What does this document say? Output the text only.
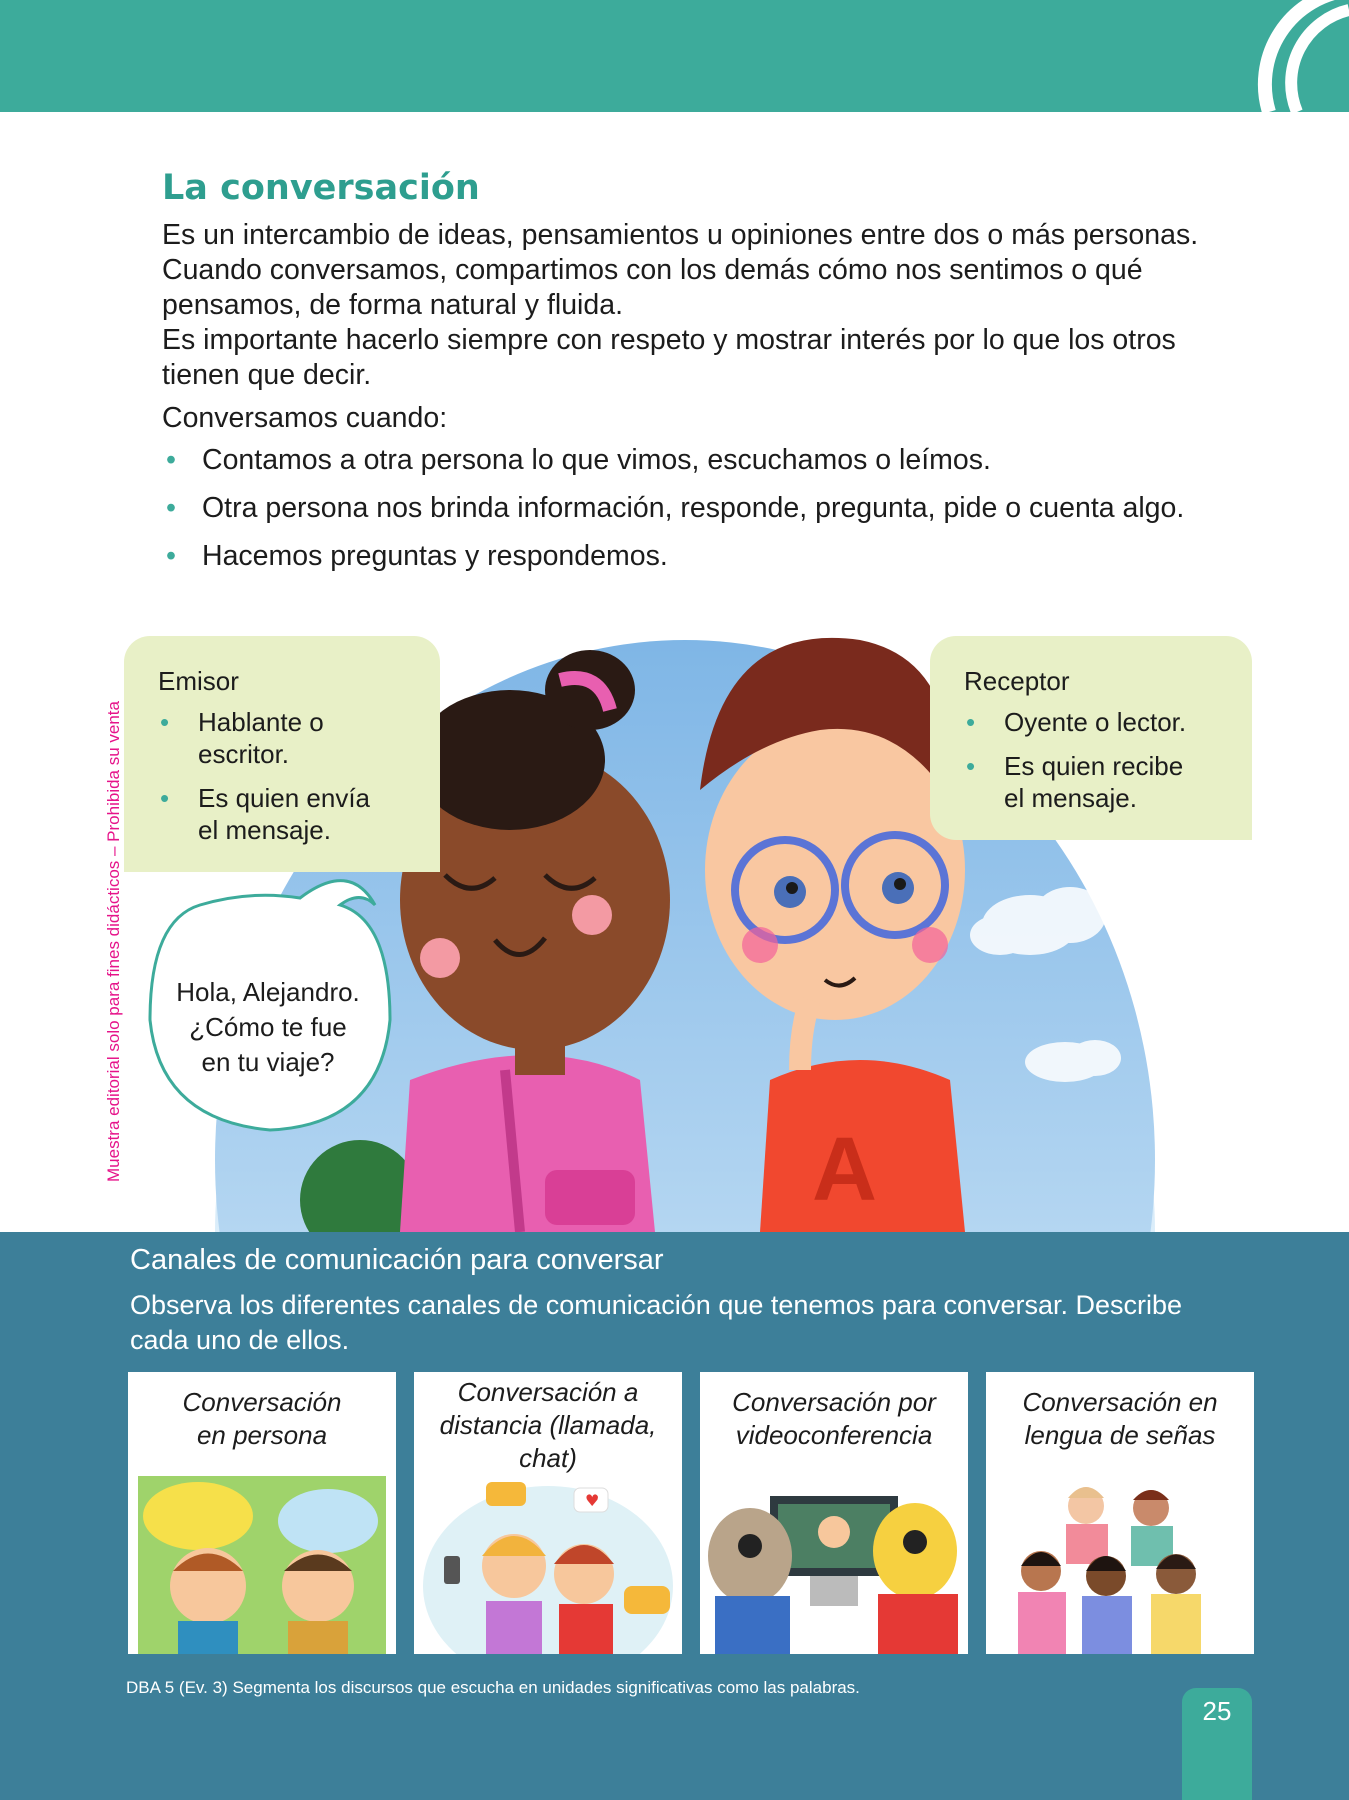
Muestra editorial solo para fines didácticos – Prohibida su venta
La conversación

Es un intercambio de ideas, pensamientos u opiniones entre dos o más personas. Cuando conversamos, compartimos con los demás cómo nos sentimos o qué pensamos, de forma natural y fluida.

Es importante hacerlo siempre con respeto y mostrar interés por lo que los otros tienen que decir.

Conversamos cuando:
• Contamos a otra persona lo que vimos, escuchamos o leímos.
• Otra persona nos brinda información, responde, pregunta, pide o cuenta algo.
• Hacemos preguntas y respondemos.
A
Emisor
• Hablante o escritor.
• Es quien envía el mensaje.
Receptor
• Oyente o lector.
• Es quien recibe el mensaje.
Hola, Alejandro.
¿Cómo te fue en tu viaje?
Canales de comunicación para conversar
Observa los diferentes canales de comunicación que tenemos para conversar. Describe cada uno de ellos.
Conversación en persona
Conversación a distancia (llamada, chat)
♥
Conversación por videoconferencia
Conversación en lengua de señas
DBA 5 (Ev. 3) Segmenta los discursos que escucha en unidades significativas como las palabras.
25
